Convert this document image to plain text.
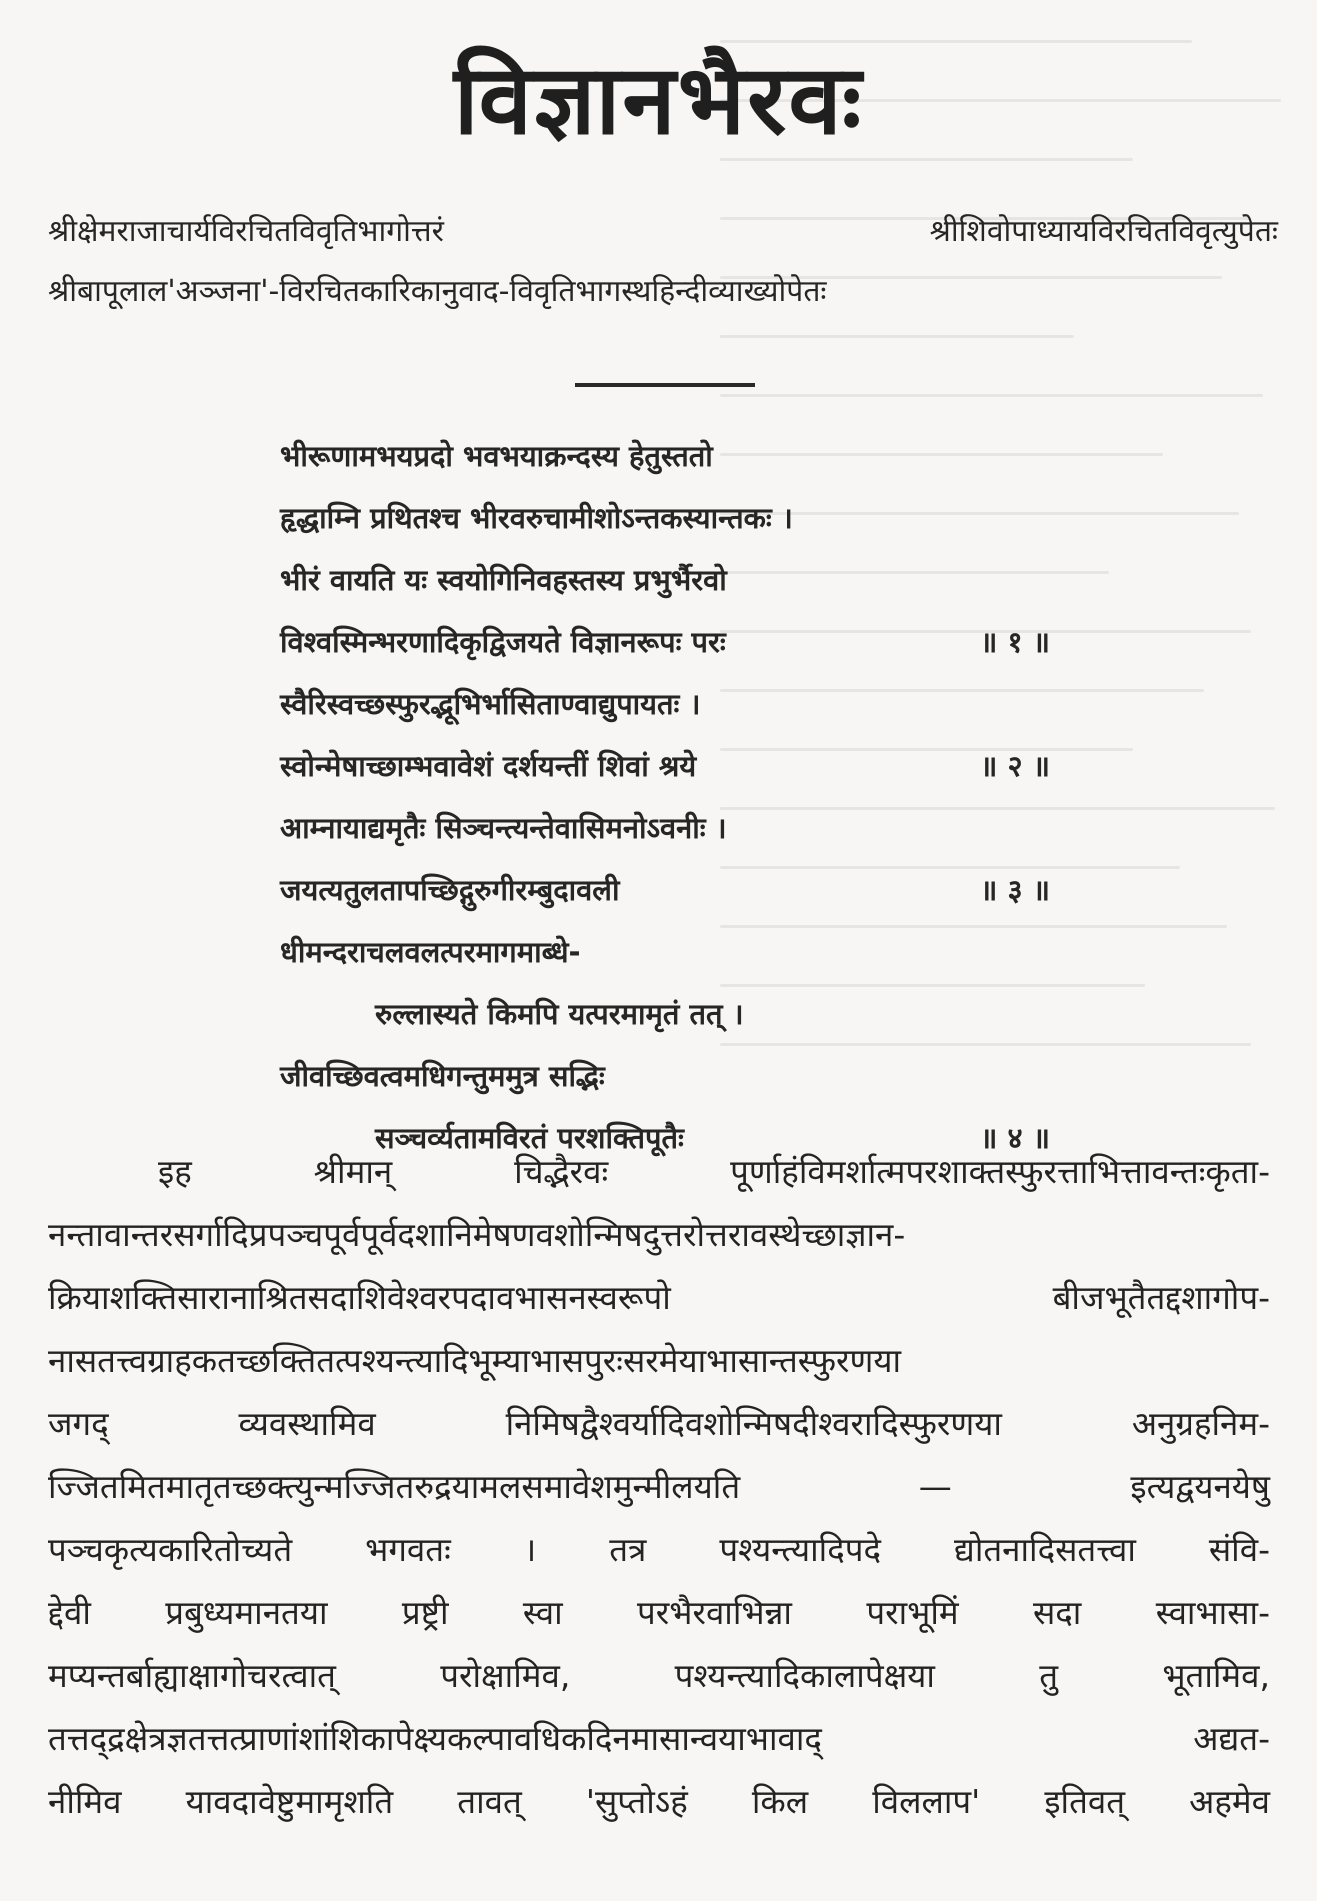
विज्ञानभैरवः
श्रीक्षेमराजाचार्यविरचितविवृतिभागोत्तरं श्रीशिवोपाध्यायविरचितविवृत्युपेतः
श्रीबापूलाल'अञ्जना'-विरचितकारिकानुवाद-विवृतिभागस्थहिन्दीव्याख्योपेतः
भीरूणामभयप्रदो भवभयाक्रन्दस्य हेतुस्ततो
हृद्धाम्नि प्रथितश्च भीरवरुचामीशोऽन्तकस्यान्तकः ।
भीरं वायति यः स्वयोगिनिवहस्तस्य प्रभुर्भैरवो
विश्वस्मिन्भरणादिकृद्विजयते विज्ञानरूपः परः	॥ १ ॥
स्वैरिस्वच्छस्फुरद्भूभिर्भासिताण्वाद्युपायतः ।
स्वोन्मेषाच्छाम्भवावेशं दर्शयन्तीं शिवां श्रये	॥ २ ॥
आम्नायाद्यमृतैः सिञ्चन्त्यन्तेवासिमनोऽवनीः ।
जयत्यतुलतापच्छिद्गुरुगीरम्बुदावली	॥ ३ ॥
धीमन्दराचलवलत्परमागमाब्धे-
रुल्लास्यते किमपि यत्परमामृतं तत् ।
जीवच्छिवत्वमधिगन्तुममुत्र सद्भिः
सञ्चर्व्यतामविरतं परशक्तिपूतैः	॥ ४ ॥
इह श्रीमान् चिद्भैरवः पूर्णाहंविमर्शात्मपरशाक्तस्फुरत्ताभित्तावन्तःकृता-
नन्तावान्तरसर्गादिप्रपञ्चपूर्वपूर्वदशानिमेषणवशोन्मिषदुत्तरोत्तरावस्थेच्छाज्ञान-
क्रियाशक्तिसारानाश्रितसदाशिवेश्वरपदावभासनस्वरूपो बीजभूतैतद्दशागोप-
नासतत्त्वग्राहकतच्छक्तितत्पश्यन्त्यादिभूम्याभासपुरःसरमेयाभासान्तस्फुरणया
जगद् व्यवस्थामिव निमिषद्वैश्वर्यादिवशोन्मिषदीश्वरादिस्फुरणया अनुग्रहनिम-
ज्जितमितमातृतच्छक्त्युन्मज्जितरुद्रयामलसमावेशमुन्मीलयति — इत्यद्वयनयेषु
पञ्चकृत्यकारितोच्यते भगवतः । तत्र पश्यन्त्यादिपदे द्योतनादिसतत्त्वा संवि-
द्देवी प्रबुध्यमानतया प्रष्ट्री स्वा परभैरवाभिन्ना पराभूमिं सदा स्वाभासा-
मप्यन्तर्बाह्याक्षागोचरत्वात् परोक्षामिव, पश्यन्त्यादिकालापेक्षया तु भूतामिव,
तत्तद्द्रक्षेत्रज्ञतत्तत्प्राणांशांशिकापेक्ष्यकल्पावधिकदिनमासान्वयाभावाद् अद्यत-
नीमिव यावदावेष्टुमामृशति तावत् 'सुप्तोऽहं किल विललाप' इतिवत् अहमेव
